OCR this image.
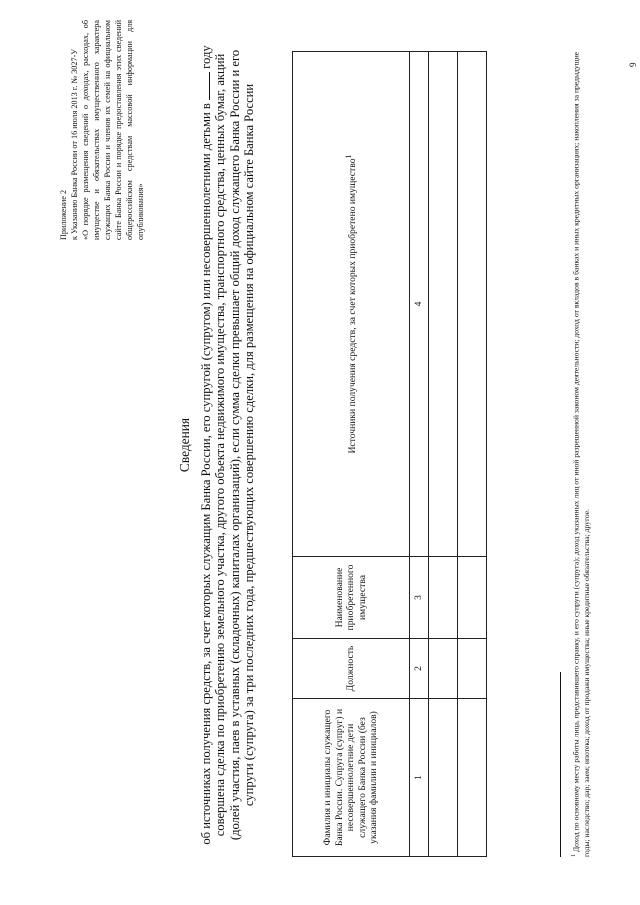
Приложение 2 к Указанию Банка России от 16 июля 2013 г. № 3027-У «О порядке размещения сведений о доходах, расходах, об имуществе и обязательствах имущественного характера служащих Банка России и членов их семей на официальном сайте Банка России и порядке предоставления этих сведений общероссийским средствам массовой информации для опубликования»
Сведения об источниках получения средств, за счет которых служащим Банка России, его супругой (супругом) или несовершеннолетними детьми в  году совершена сделка по приобретению земельного участка, другого объекта недвижимого имущества, транспортного средства, ценных бумаг, акций (долей участия, паев в уставных (складочных) капиталах организаций), если сумма сделки превышает общий доход служащего Банка России и его супруги (супруга) за три последних года, предшествующих совершению сделки, для размещения на официальном сайте Банка России	Фамилия и инициалы служащего Банка России. Супруга (супруг) и несовершеннолетние дети служащего Банка России (без указания фамилии и инициалов)	Должность	Наименование приобретенного имущества	Источники получения средств, за счет которых приобретено имущество$^1$
1	2	3	4

$^1$ Доход по основному месту работы лица, представившего справку, и его супруги (супруга); доход указанных лиц от иной разрешенной законом деятельности; доход от вкладов в банках и иных кредитных организациях; накопления за предыдущие годы; наследство; дар; заем; ипотека; доход от продажи имущества; иные кредитные обязательства; другое.
9
